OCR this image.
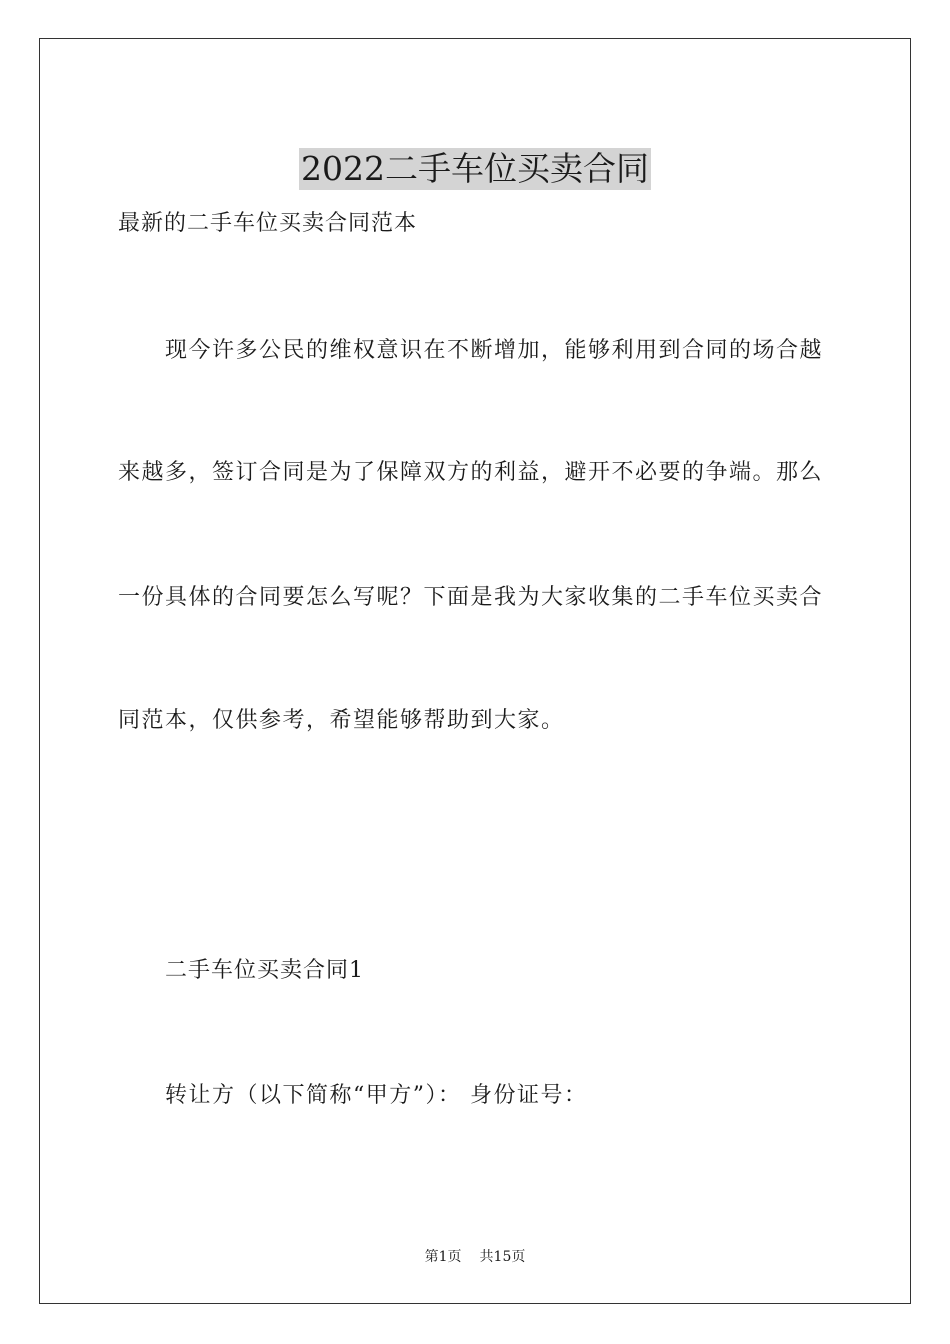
2022二手车位买卖合同
最新的二手车位买卖合同范本
现今许多公民的维权意识在不断增加，能够利用到合同的场合越
来越多，签订合同是为了保障双方的利益，避开不必要的争端。那么
一份具体的合同要怎么写呢？下面是我为大家收集的二手车位买卖合
同范本，仅供参考，希望能够帮助到大家。
二手车位买卖合同1
转让方（以下简称“甲方”）： 身份证号：
第1页 共15页
